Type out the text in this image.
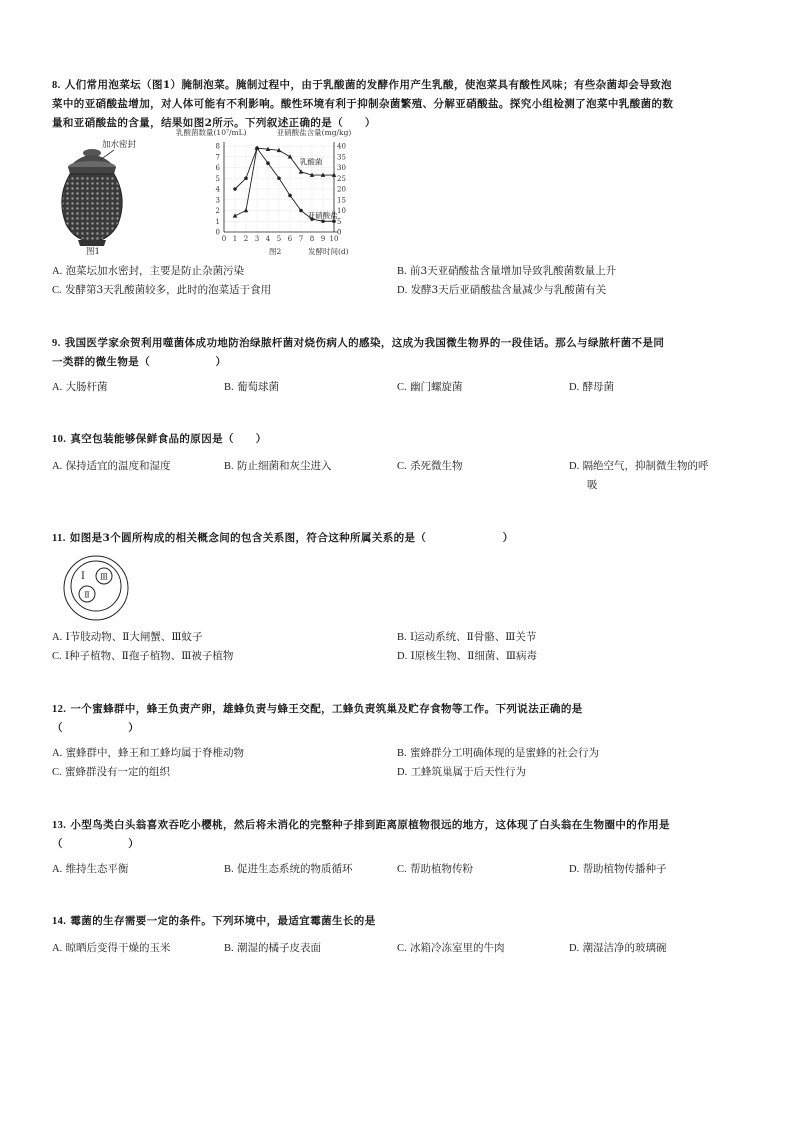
8. 人们常用泡菜坛（图1）腌制泡菜。腌制过程中，由于乳酸菌的发酵作用产生乳酸，使泡菜具有酸性风味；有些杂菌却会导致泡
菜中的亚硝酸盐增加，对人体可能有不利影响。酸性环境有利于抑制杂菌繁殖、分解亚硝酸盐。探究小组检测了泡菜中乳酸菌的数
量和亚硝酸盐的含量，结果如图2所示。下列叙述正确的是（　　）
加水密封
图1
乳酸菌数量(10⁷/mL)	亚硝酸盐含量(mg/kg)
图2	发酵时间(d)
0
1
2
3
4
5
6
7
8
0
5
10
15
20
25
30
35
40
0 1 2 3 4 5 6 7 8 9 10
乳酸菌
亚硝酸盐
A. 泡菜坛加水密封，主要是防止杂菌污染	B. 前3天亚硝酸盐含量增加导致乳酸菌数量上升
C. 发酵第3天乳酸菌较多，此时的泡菜适于食用	D. 发酵3天后亚硝酸盐含量减少与乳酸菌有关
9. 我国医学家余贺利用噬菌体成功地防治绿脓杆菌对烧伤病人的感染，这成为我国微生物界的一段佳话。那么与绿脓杆菌不是同
一类群的微生物是（　　　　　　）
A. 大肠杆菌	B. 葡萄球菌	C. 幽门螺旋菌	D. 酵母菌
10. 真空包装能够保鲜食品的原因是（　　）
A. 保持适宜的温度和湿度	B. 防止细菌和灰尘进入	C. 杀死微生物	D. 隔绝空气，抑制微生物的呼
吸
11. 如图是3个圆所构成的相关概念间的包含关系图，符合这种所属关系的是（　　　　　　　）
Ⅰ Ⅲ
Ⅱ
A. Ⅰ节肢动物、Ⅱ大闸蟹、Ⅲ蚊子	B. Ⅰ运动系统、Ⅱ骨骼、Ⅲ关节
C. Ⅰ种子植物、Ⅱ孢子植物、Ⅲ被子植物	D. Ⅰ原核生物、Ⅱ细菌、Ⅲ病毒
12. 一个蜜蜂群中，蜂王负责产卵，雄蜂负责与蜂王交配，工蜂负责筑巢及贮存食物等工作。下列说法正确的是
（　　　　　　）
A. 蜜蜂群中，蜂王和工蜂均属于脊椎动物	B. 蜜蜂群分工明确体现的是蜜蜂的社会行为
C. 蜜蜂群没有一定的组织	D. 工蜂筑巢属于后天性行为
13. 小型鸟类白头翁喜欢吞吃小樱桃，然后将未消化的完整种子排到距离原植物很远的地方，这体现了白头翁在生物圈中的作用是
（　　　　　　）
A. 维持生态平衡	B. 促进生态系统的物质循环	C. 帮助植物传粉	D. 帮助植物传播种子
14. 霉菌的生存需要一定的条件。下列环境中，最适宜霉菌生长的是
A. 晾晒后变得干燥的玉米	B. 潮湿的橘子皮表面	C. 冰箱冷冻室里的牛肉	D. 潮湿洁净的玻璃碗
